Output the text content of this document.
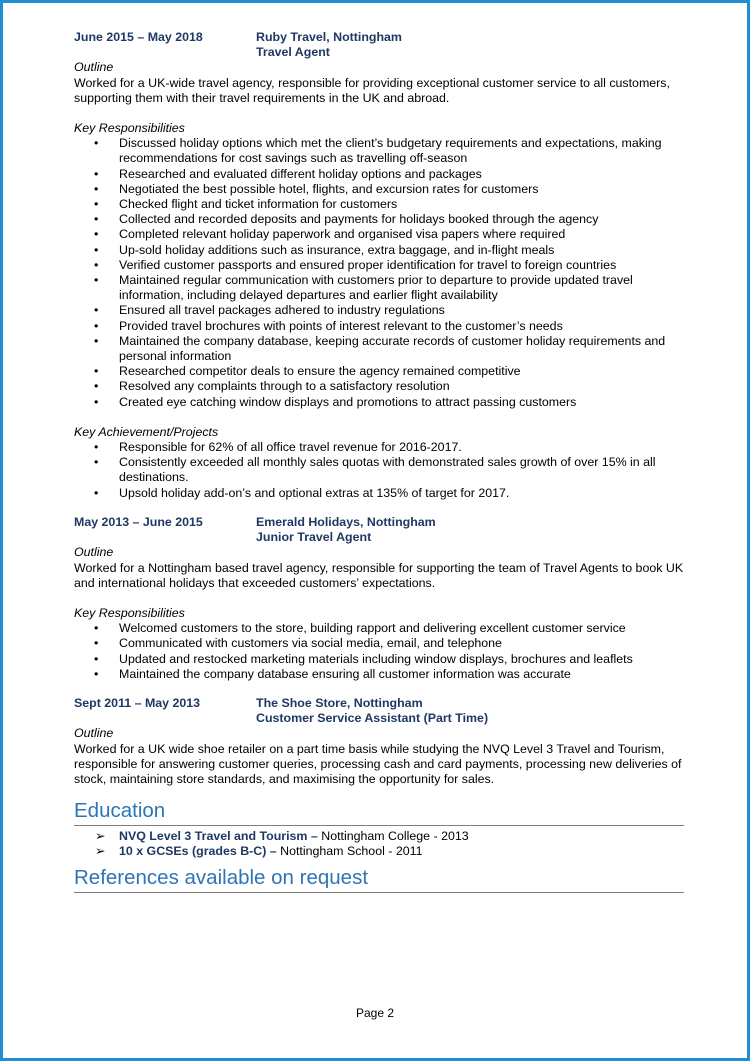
June 2015 – May 2018	Ruby Travel, Nottingham
Travel Agent
Outline
Worked for a UK-wide travel agency, responsible for providing exceptional customer service to all customers, supporting them with their travel requirements in the UK and abroad.
Key Responsibilities
• Discussed holiday options which met the client’s budgetary requirements and expectations, making recommendations for cost savings such as travelling off-season
• Researched and evaluated different holiday options and packages
• Negotiated the best possible hotel, flights, and excursion rates for customers
• Checked flight and ticket information for customers
• Collected and recorded deposits and payments for holidays booked through the agency
• Completed relevant holiday paperwork and organised visa papers where required
• Up-sold holiday additions such as insurance, extra baggage, and in-flight meals
• Verified customer passports and ensured proper identification for travel to foreign countries
• Maintained regular communication with customers prior to departure to provide updated travel information, including delayed departures and earlier flight availability
• Ensured all travel packages adhered to industry regulations
• Provided travel brochures with points of interest relevant to the customer’s needs
• Maintained the company database, keeping accurate records of customer holiday requirements and personal information
• Researched competitor deals to ensure the agency remained competitive
• Resolved any complaints through to a satisfactory resolution
• Created eye catching window displays and promotions to attract passing customers
Key Achievement/Projects
• Responsible for 62% of all office travel revenue for 2016-2017.
• Consistently exceeded all monthly sales quotas with demonstrated sales growth of over 15% in all destinations.
• Upsold holiday add-on’s and optional extras at 135% of target for 2017.
May 2013 – June 2015	Emerald Holidays, Nottingham
Junior Travel Agent
Outline
Worked for a Nottingham based travel agency, responsible for supporting the team of Travel Agents to book UK and international holidays that exceeded customers’ expectations.
Key Responsibilities
• Welcomed customers to the store, building rapport and delivering excellent customer service
• Communicated with customers via social media, email, and telephone
• Updated and restocked marketing materials including window displays, brochures and leaflets
• Maintained the company database ensuring all customer information was accurate
Sept 2011 – May 2013	The Shoe Store, Nottingham
Customer Service Assistant (Part Time)
Outline
Worked for a UK wide shoe retailer on a part time basis while studying the NVQ Level 3 Travel and Tourism, responsible for answering customer queries, processing cash and card payments, processing new deliveries of stock, maintaining store standards, and maximising the opportunity for sales.
Education
➢ NVQ Level 3 Travel and Tourism – Nottingham College - 2013
➢ 10 x GCSEs (grades B-C) – Nottingham School - 2011
References available on request
Page 2
